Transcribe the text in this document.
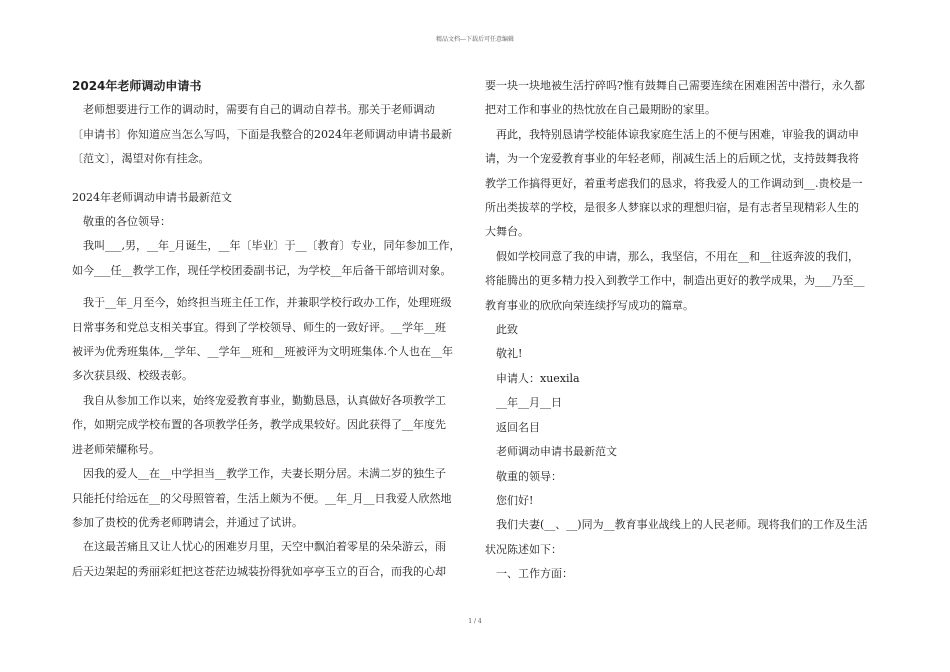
精品文档---下载后可任意编辑

2024年老师调动申请书

老师想要进行工作的调动时，需要有自己的调动自荐书。那关于老师调动

〔申请书〕你知道应当怎么写吗，下面是我整合的2024年老师调动申请书最新

〔范文〕，渴望对你有挂念。

2024年老师调动申请书最新范文

敬重的各位领导：

我叫___,男，__年_月诞生，__年〔毕业〕于__〔教育〕专业，同年参加工作，

如今___任__教学工作，现任学校团委副书记，为学校__年后备干部培训对象。

我于__年_月至今，始终担当班主任工作，并兼职学校行政办工作，处理班级

日常事务和党总支相关事宜。得到了学校领导、师生的一致好评。__学年__班

被评为优秀班集体,__学年、__学年__班和__班被评为文明班集体.个人也在__年

多次获县级、校级表彰。

我自从参加工作以来，始终宠爱教育事业，勤勤恳恳，认真做好各项教学工

作，如期完成学校布置的各项教学任务，教学成果较好。因此获得了__年度先

进老师荣耀称号。

因我的爱人__在__中学担当__教学工作，夫妻长期分居。未满二岁的独生子

只能托付给远在__的父母照管着，生活上颇为不便。__年_月__日我爱人欣然地

参加了贵校的优秀老师聘请会，并通过了试讲。

在这最苦痛且又让人忧心的困难岁月里，天空中飘泊着零星的朵朵游云，雨

后天边架起的秀丽彩虹把这苍茫边城装扮得犹如亭亭玉立的百合，而我的心却

要一块一块地被生活拧碎吗?惟有鼓舞自己需要连续在困难困苦中潜行，永久都

把对工作和事业的热忱放在自己最期盼的家里。

再此，我特别恳请学校能体谅我家庭生活上的不便与困难，审验我的调动申

请，为一个宠爱教育事业的年轻老师，削减生活上的后顾之忧，支持鼓舞我将

教学工作搞得更好，着重考虑我们的恳求，将我爱人的工作调动到__.贵校是一

所出类拔萃的学校，是很多人梦寐以求的理想归宿，是有志者呈现精彩人生的

大舞台。

假如学校同意了我的申请，那么，我坚信，不用在__和__往返奔波的我们，

将能腾出的更多精力投入到教学工作中，制造出更好的教学成果，为___乃至__

教育事业的欣欣向荣连续抒写成功的篇章。

此致

敬礼!

申请人：xuexila

__年__月__日

返回名目

老师调动申请书最新范文

敬重的领导：

您们好!

我们夫妻(__、__)同为__教育事业战线上的人民老师。现将我们的工作及生活

状况陈述如下：

一、工作方面：

1 / 4
